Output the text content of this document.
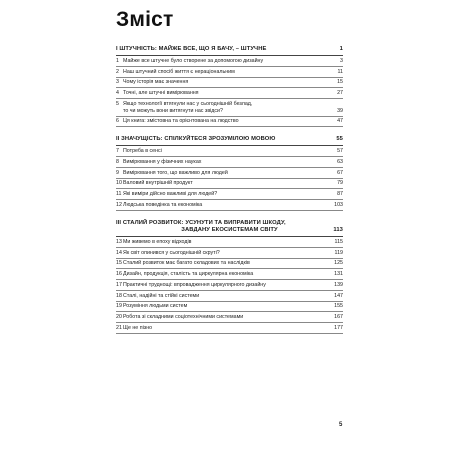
Зміст
I ШТУЧНІСТЬ: МАЙЖЕ ВСЕ, ЩО Я БАЧУ, – ШТУЧНЕ	1
1 Майже все штучне було створене за допомогою дизайну	3
2 Наш штучний спосіб життя є нераціональним	11
3 Чому історія має значення	15
4 Точні, але штучні вимірювання	27
5 Якщо технології втягнули нас у сьогоднішній безлад,
то чи можуть вони витягнути нас звідси?	39
6 Ця книга: змістовна та орієнтована на людство	47
II ЗНАЧУЩІСТЬ: СПІЛКУЙТЕСЯ ЗРОЗУМІЛОЮ МОВОЮ	55
7 Потреба в сенсі	57
8 Вимірювання у фізичних науках	63
9 Вимірювання того, що важливо для людей	67
10Валовий внутрішній продукт	79
11 Які виміри дійсно важливі для людей?	87
12Людська поведінка та економіка	103
III СТАЛИЙ РОЗВИТОК: УСУНУТИ ТА ВИПРАВИТИ ШКОДУ,
ЗАВДАНУ ЕКОСИСТЕМАМ СВІТУ	113
13Ми живемо в епоху відходів	115
14Як світ опинився у сьогоднішній скруті?	119
15Сталий розвиток має багато складових та наслідків	125
16Дизайн, продукція, сталість та циркулярна економіка	131
17Практичні труднощі: впровадження циркулярного дизайну	139
18Сталі, надійні та стійкі системи	147
19Розуміння людьми систем	155
20Робота зі складними соціотехнічними системами	167
21Ще не пізно	177
5
